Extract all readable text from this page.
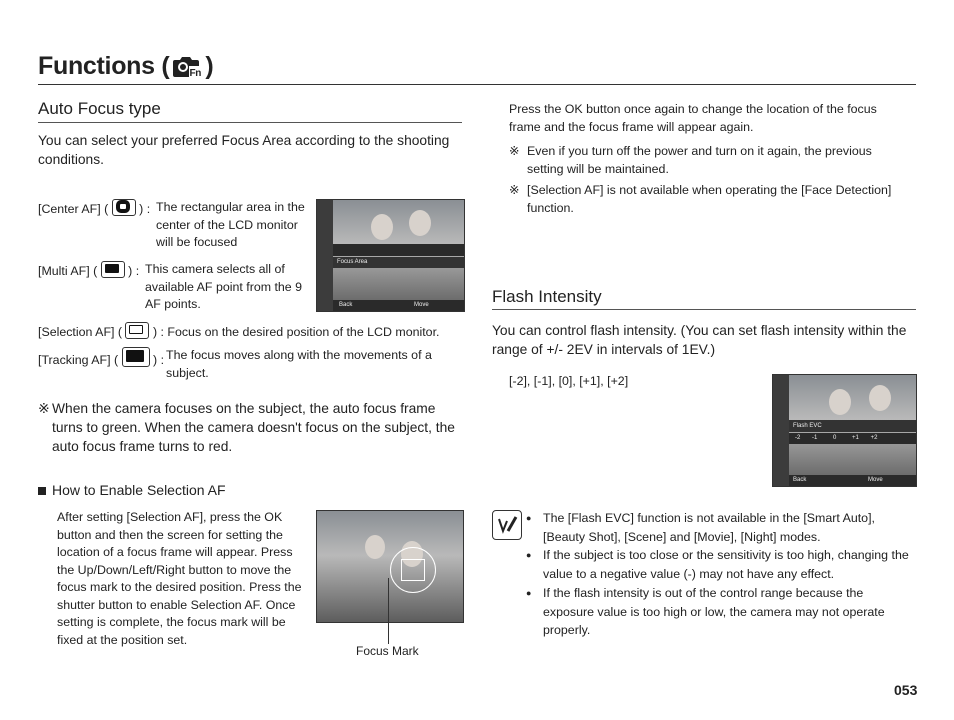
Functions ( Fn )
Auto Focus type
You can select your preferred Focus Area according to the shooting conditions.
[Center AF] ( ) : The rectangular area in the center of the LCD monitor will be focused
[Multi AF] ( ) : This camera selects all of available AF point from the 9 AF points.
Focus Area
Back	Move
[Selection AF] ( ) : Focus on the desired position of the LCD monitor.
[Tracking AF] (	) : The focus moves along with the movements of a subject.
※ When the camera focuses on the subject, the auto focus frame turns to green. When the camera doesn't focus on the subject, the auto focus frame turns to red.
How to Enable Selection AF
After setting [Selection AF], press the OK button and then the screen for setting the location of a focus frame will appear. Press the Up/Down/Left/Right button to move the focus mark to the desired position. Press the shutter button to enable Selection AF. Once setting is complete, the focus mark will be fixed at the position set.
Focus Mark
Press the OK button once again to change the location of the focus frame and the focus frame will appear again.
※ Even if you turn off the power and turn on it again, the previous setting will be maintained.
※ [Selection AF] is not available when operating the [Face Detection] function.
Flash Intensity
You can control flash intensity. (You can set flash intensity within the range of +/- 2EV in intervals of 1EV.)
[-2], [-1], [0], [+1], [+2]
Flash EVC
-2 -1	0	+1 +2
Back	Move
● The [Flash EVC] function is not available in the [Smart Auto], [Beauty Shot], [Scene] and [Movie], [Night] modes.
● If the subject is too close or the sensitivity is too high, changing the value to a negative value (-) may not have any effect.
● If the flash intensity is out of the control range because the exposure value is too high or low, the camera may not operate properly.
053
